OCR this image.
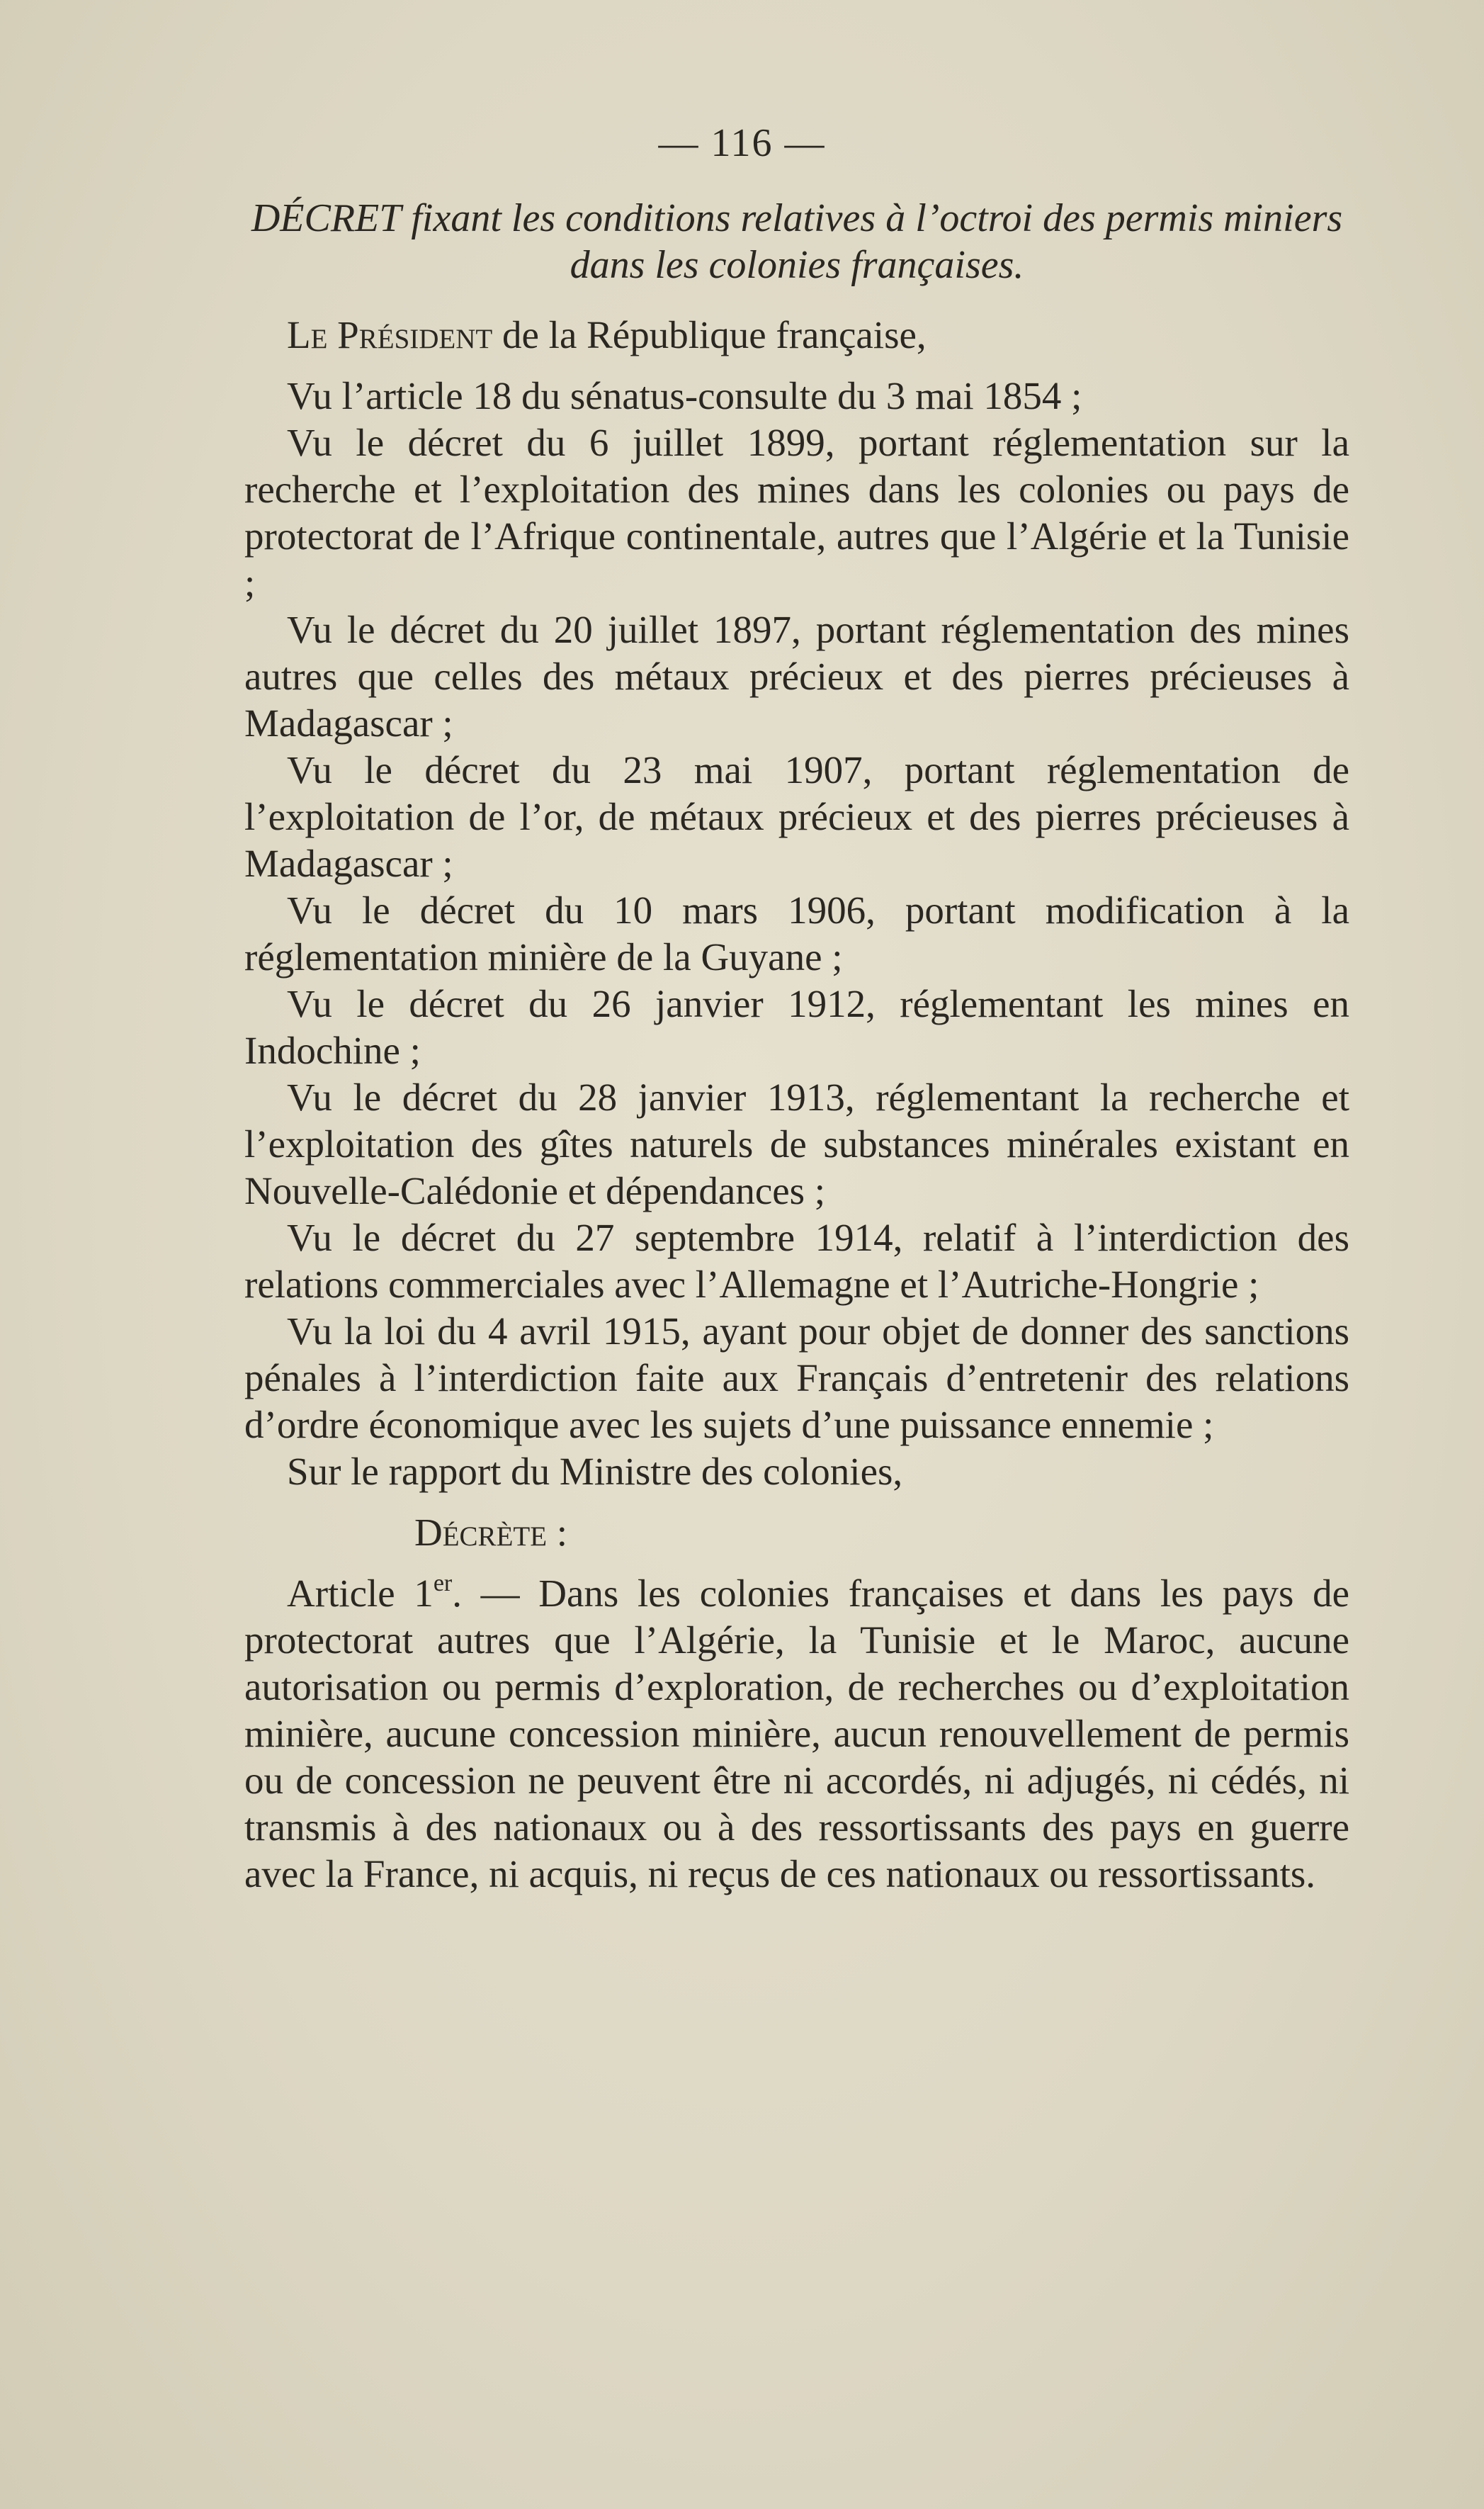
— 116 —
DÉCRET fixant les conditions relatives à l’octroi des permis miniers dans les colonies françaises.

Le Président de la République française,

Vu l’article 18 du sénatus-consulte du 3 mai 1854 ;

Vu le décret du 6 juillet 1899, portant réglementation sur la recherche et l’exploitation des mines dans les colonies ou pays de protectorat de l’Afrique continentale, autres que l’Algérie et la Tunisie ;

Vu le décret du 20 juillet 1897, portant réglementation des mines autres que celles des métaux précieux et des pierres précieuses à Madagascar ;

Vu le décret du 23 mai 1907, portant réglementation de l’exploitation de l’or, de métaux précieux et des pierres précieuses à Madagascar ;

Vu le décret du 10 mars 1906, portant modification à la réglementation minière de la Guyane ;

Vu le décret du 26 janvier 1912, réglementant les mines en Indochine ;

Vu le décret du 28 janvier 1913, réglementant la recherche et l’exploitation des gîtes naturels de substances minérales existant en Nouvelle-Calédonie et dépendances ;

Vu le décret du 27 septembre 1914, relatif à l’interdiction des relations commerciales avec l’Allemagne et l’Autriche-Hongrie ;

Vu la loi du 4 avril 1915, ayant pour objet de donner des sanctions pénales à l’interdiction faite aux Français d’entretenir des relations d’ordre économique avec les sujets d’une puissance ennemie ;

Sur le rapport du Ministre des colonies,

Décrète :

Article 1er. — Dans les colonies françaises et dans les pays de protectorat autres que l’Algérie, la Tunisie et le Maroc, aucune autorisation ou permis d’exploration, de recherches ou d’exploitation minière, aucune concession minière, aucun renouvellement de permis ou de concession ne peuvent être ni accordés, ni adjugés, ni cédés, ni transmis à des nationaux ou à des ressortissants des pays en guerre avec la France, ni acquis, ni reçus de ces nationaux ou ressortissants.
